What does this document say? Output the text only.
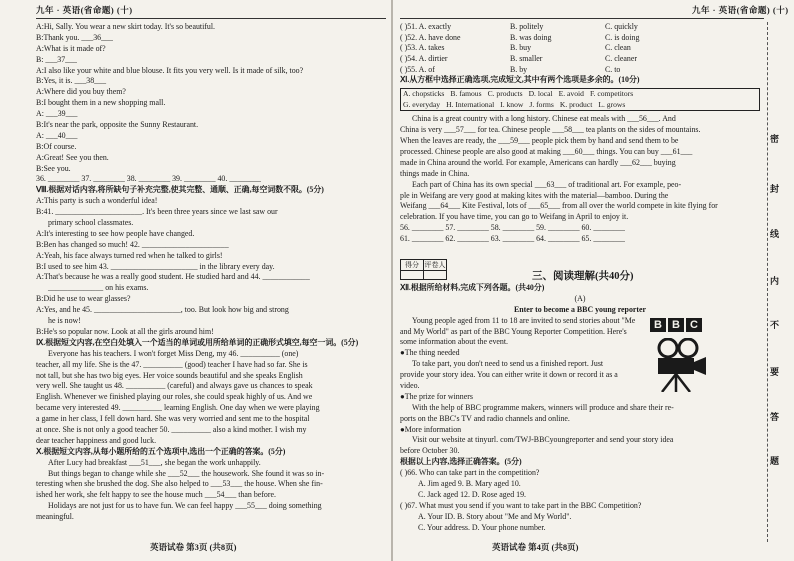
九年 · 英语(省命题) (十)
A:Hi, Sally. You wear a new skirt today. It's so beautiful.
B:Thank you. ___36___
A:What is it made of?
B: ___37___
A:I also like your white and blue blouse. It fits you very well. Is it made of silk, too?
B:Yes, it is. ___38___
A:Where did you buy them?
B:I bought them in a new shopping mall.
A: ___39___
B:It's near the park, opposite the Sunny Restaurant.
A: ___40___
B:Of course.
A:Great! See you then.
B:See you.
36. ________ 37. ________ 38. ________ 39. ________ 40. ________
Ⅷ.根据对话内容,将所缺句子补充完整,使其完整、通顺、正确,每空词数不限。(5分)
A:This party is such a wonderful idea!
B:41. ______________________. It's been three years since we last saw our
primary school classmates.
A:It's interesting to see how people have changed.
B:Ben has changed so much! 42. ______________________
A:Yeah, his face always turned red when he talked to girls!
B:I used to see him 43. ______________________ in the library every day.
A:That's because he was a really good student. He studied hard and 44. ____________
______________ on his exams.
B:Did he use to wear glasses?
A:Yes, and he 45. ______________________, too. But look how big and strong
he is now!
B:He's so popular now. Look at all the girls around him!
Ⅸ.根据短文内容,在空白处填入一个适当的单词或用所给单词的正确形式填空,每空一词。(5分)
Everyone has his teachers. I won't forget Miss Deng, my 46. __________ (one)
teacher, all my life. She is the 47. __________ (good) teacher I have had so far. She is
not tall, but she has two big eyes. Her voice sounds beautiful and she speaks English
very well. She taught us 48. __________ (careful) and always gave us chances to speak
English. Whenever we finished playing our roles, she could speak highly of us. And we
became very interested 49. __________ learning English. One day when we were playing
a game in her class, I fell down hard. She was very worried and sent me to the hospital
at once. She is not only a good teacher 50. __________ also a kind mother. I wish my
dear teacher happiness and good luck.
Ⅹ.根据短文内容,从每小题所给的五个选项中,选出一个正确的答案。(5分)
After Lucy had breakfast ___51___, she began the work unhappily.
But things began to change while she ___52___ the housework. She found it was so in-
teresting when she brushed the dog. She also helped to ___53___ the house. When she fin-
ished her work, she felt happy to see the house much ___54___ than before.
Holidays are not just for us to have fun. We can feel happy ___55___ doing something
meaningful.
英语试卷 第3页 (共8页)
九年 · 英语(省命题) (十)
( )51. A. exactly	B. politely	C. quickly
( )52. A. have done	B. was doing	C. is doing
( )53. A. takes	B. buy	C. clean
( )54. A. dirtier	B. smaller	C. cleaner
( )55. A. of	B. by	C. to
Ⅺ.从方框中选择正确选项,完成短文,其中有两个选项是多余的。(10分)
A. chopsticks B. famous C. products D. local E. avoid F. competitors
G. everyday H. International I. know J. forms K. product L. grows
China is a great country with a long history. Chinese eat meals with ___56___. And
China is very ___57___ for tea. Chinese people ___58___ tea plants on the sides of mountains.
When the leaves are ready, the ___59___ people pick them by hand and send them to be
processed. Chinese people are also good at making ___60___ things. You can buy ___61___
made in China around the world. For example, Americans can hardly ___62___ buying
things made in China.
Each part of China has its own special ___63___ of traditional art. For example, peo-
ple in Weifang are very good at making kites with the material—bamboo. During the
Weifang ___64___ Kite Festival, lots of ___65___ from all over the world compete in kite flying for
celebration. If you have time, you can go to Weifang in April to enjoy it.
56. ________ 57. ________ 58. ________ 59. ________ 60. ________
61. ________ 62. ________ 63. ________ 64. ________ 65. ________
得分	评卷人

三、阅读理解(共40分)
Ⅻ.根据所给材料,完成下列各题。(共40分)
(A)
Enter to become a BBC young reporter
Young people aged from 11 to 18 are invited to send stories about "Me
and My World" as part of the BBC Young Reporter Competition. Here's
some information about the event.
●The thing needed
To take part, you don't need to send us a finished report. Just
provide your story idea. You can either write it down or record it as a
video.
●The prize for winners
With the help of BBC programme makers, winners will produce and share their re-
ports on the BBC's TV and radio channels and online.
●More information
Visit our website at tinyurl. com/TWJ-BBCyoungreporter and send your story idea
before October 30.
根据以上内容,选择正确答案。(5分)
( )66. Who can take part in the competition?
A. Jim aged 9. B. Mary aged 10.
C. Jack aged 12. D. Rose aged 19.
( )67. What must you send if you want to take part in the BBC Competition?
A. Your ID. B. Story about "Me and My World".
C. Your address. D. Your phone number.
B B C
密
封
线
内
不
要
答
题
英语试卷 第4页 (共8页)
